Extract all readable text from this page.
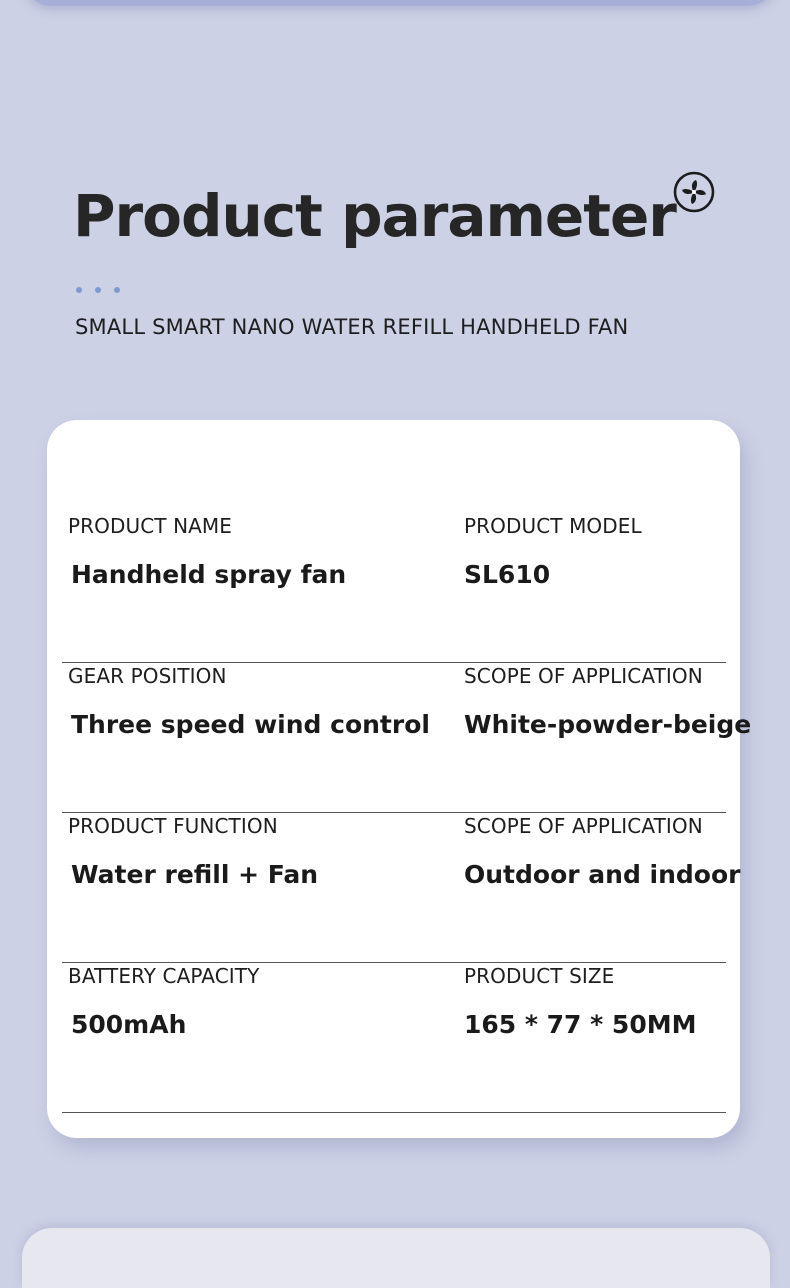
Product parameter
SMALL SMART NANO WATER REFILL HANDHELD FAN
PRODUCT NAME
Handheld spray fan
PRODUCT MODEL
SL610
GEAR POSITION
Three speed wind control
SCOPE OF APPLICATION
White-powder-beige
PRODUCT FUNCTION
Water refill + Fan
SCOPE OF APPLICATION
Outdoor and indoor
BATTERY CAPACITY
500mAh
PRODUCT SIZE
165 * 77 * 50MM
